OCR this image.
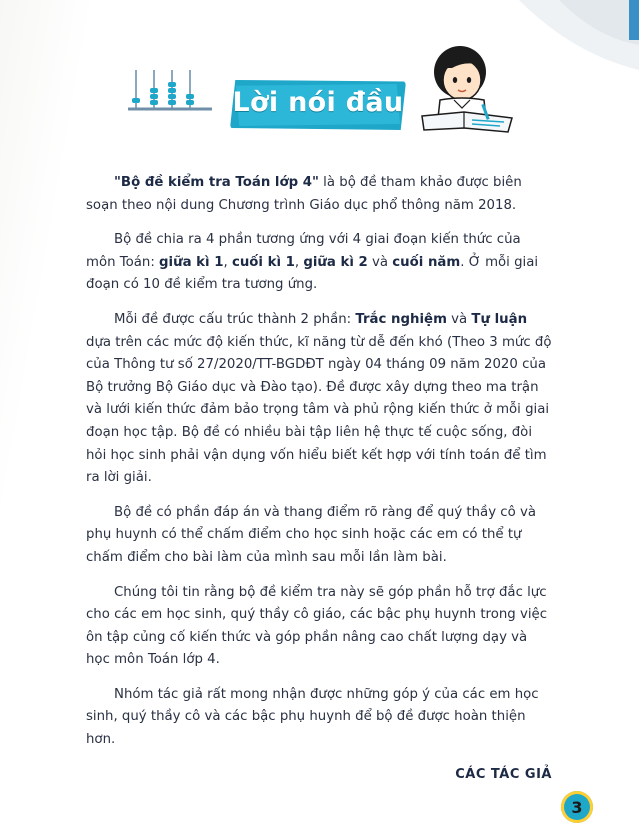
Lời nói đầu

"Bộ đề kiểm tra Toán lớp 4" là bộ đề tham khảo được biên soạn theo nội dung Chương trình Giáo dục phổ thông năm 2018.

Bộ đề chia ra 4 phần tương ứng với 4 giai đoạn kiến thức của môn Toán: giữa kì 1, cuối kì 1, giữa kì 2 và cuối năm. Ở mỗi giai đoạn có 10 đề kiểm tra tương ứng.

Mỗi đề được cấu trúc thành 2 phần: Trắc nghiệm và Tự luận dựa trên các mức độ kiến thức, kĩ năng từ dễ đến khó (Theo 3 mức độ của Thông tư số 27/2020/TT-BGDĐT ngày 04 tháng 09 năm 2020 của Bộ trưởng Bộ Giáo dục và Đào tạo). Đề được xây dựng theo ma trận và lưới kiến thức đảm bảo trọng tâm và phủ rộng kiến thức ở mỗi giai đoạn học tập. Bộ đề có nhiều bài tập liên hệ thực tế cuộc sống, đòi hỏi học sinh phải vận dụng vốn hiểu biết kết hợp với tính toán để tìm ra lời giải.

Bộ đề có phần đáp án và thang điểm rõ ràng để quý thầy cô và phụ huynh có thể chấm điểm cho học sinh hoặc các em có thể tự chấm điểm cho bài làm của mình sau mỗi lần làm bài.

Chúng tôi tin rằng bộ đề kiểm tra này sẽ góp phần hỗ trợ đắc lực cho các em học sinh, quý thầy cô giáo, các bậc phụ huynh trong việc ôn tập củng cố kiến thức và góp phần nâng cao chất lượng dạy và học môn Toán lớp 4.

Nhóm tác giả rất mong nhận được những góp ý của các em học sinh, quý thầy cô và các bậc phụ huynh để bộ đề được hoàn thiện hơn.

CÁC TÁC GIẢ
3
